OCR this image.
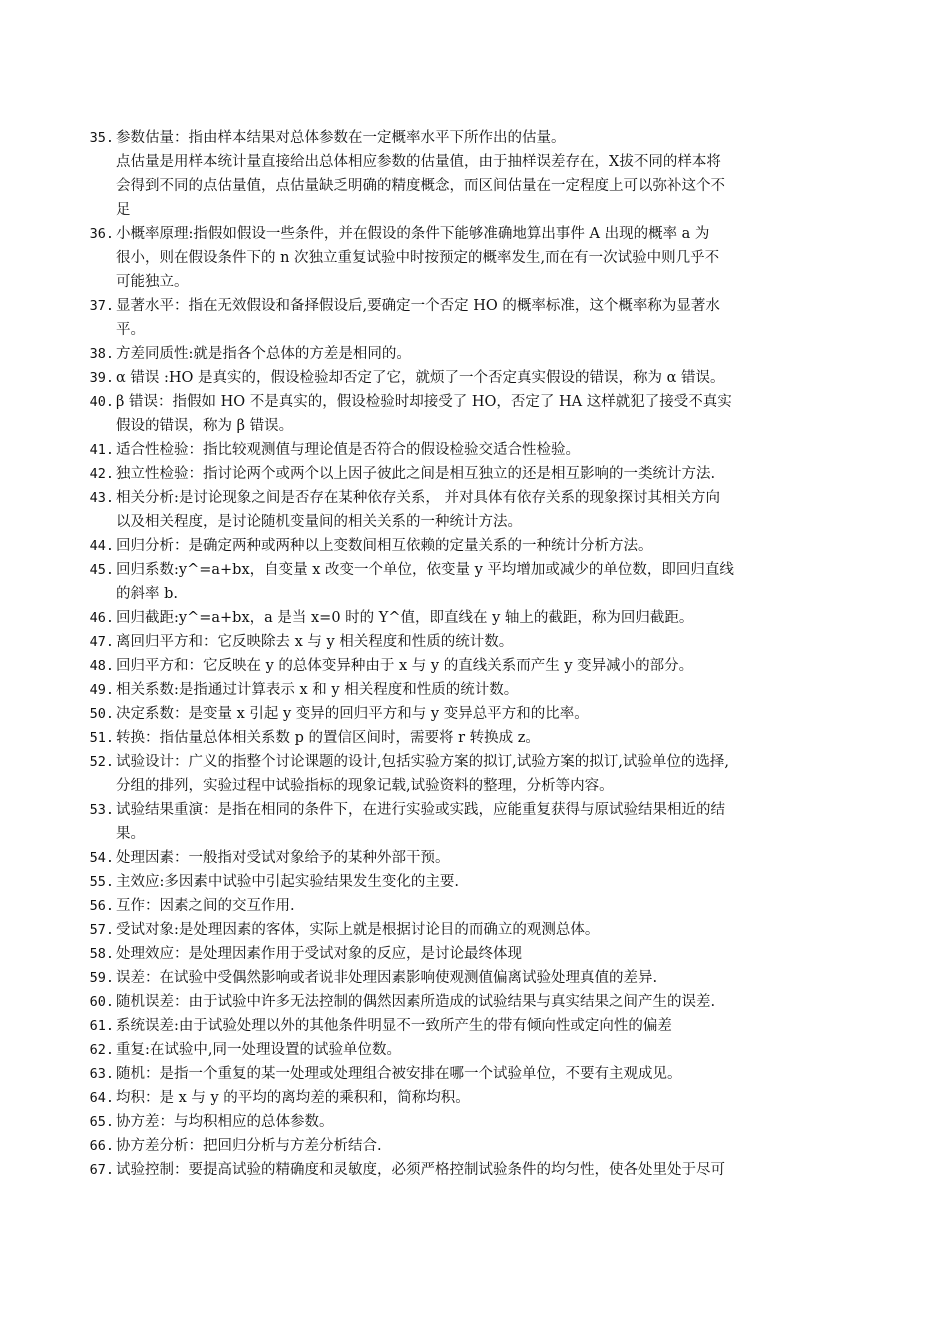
35. 参数估量：指由样本结果对总体参数在一定概率水平下所作出的估量。
点估量是用样本统计量直接给出总体相应参数的估量值，由于抽样误差存在，X拔不同的样本将
会得到不同的点估量值，点估量缺乏明确的精度概念，而区间估量在一定程度上可以弥补这个不
足
36. 小概率原理:指假如假设一些条件，并在假设的条件下能够准确地算出事件 A 出现的概率 a 为
很小，则在假设条件下的 n 次独立重复试验中时按预定的概率发生,而在有一次试验中则几乎不
可能独立。
37. 显著水平：指在无效假设和备择假设后,要确定一个否定 HO 的概率标准，这个概率称为显著水
平。
38. 方差同质性:就是指各个总体的方差是相同的。
39. α 错误 :HO 是真实的，假设检验却否定了它，就烦了一个否定真实假设的错误，称为 α 错误。
40. β 错误：指假如 HO 不是真实的，假设检验时却接受了 HO，否定了 HA 这样就犯了接受不真实
假设的错误，称为 β 错误。
41. 适合性检验：指比较观测值与理论值是否符合的假设检验交适合性检验。
42. 独立性检验：指讨论两个或两个以上因子彼此之间是相互独立的还是相互影响的一类统计方法.
43. 相关分析:是讨论现象之间是否存在某种依存关系， 并对具体有依存关系的现象探讨其相关方向
以及相关程度，是讨论随机变量间的相关关系的一种统计方法。
44. 回归分析：是确定两种或两种以上变数间相互依赖的定量关系的一种统计分析方法。
45. 回归系数:y^=a+bx，自变量 x 改变一个单位，依变量 y 平均增加或减少的单位数，即回归直线
的斜率 b.
46. 回归截距:y^=a+bx，a 是当 x=0 时的 Y^值，即直线在 y 轴上的截距，称为回归截距。
47. 离回归平方和：它反映除去 x 与 y 相关程度和性质的统计数。
48. 回归平方和：它反映在 y 的总体变异种由于 x 与 y 的直线关系而产生 y 变异减小的部分。
49. 相关系数:是指通过计算表示 x 和 y 相关程度和性质的统计数。
50. 决定系数：是变量 x 引起 y 变异的回归平方和与 y 变异总平方和的比率。
51. 转换：指估量总体相关系数 p 的置信区间时，需要将 r 转换成 z。
52. 试验设计：广义的指整个讨论课题的设计,包括实验方案的拟订,试验方案的拟订,试验单位的选择,
分组的排列，实验过程中试验指标的现象记载,试验资料的整理，分析等内容。
53. 试验结果重演：是指在相同的条件下，在进行实验或实践，应能重复获得与原试验结果相近的结
果。
54. 处理因素：一般指对受试对象给予的某种外部干预。
55. 主效应:多因素中试验中引起实验结果发生变化的主要.
56. 互作：因素之间的交互作用.
57. 受试对象:是处理因素的客体，实际上就是根据讨论目的而确立的观测总体。
58. 处理效应：是处理因素作用于受试对象的反应，是讨论最终体现
59. 误差：在试验中受偶然影响或者说非处理因素影响使观测值偏离试验处理真值的差异.
60. 随机误差：由于试验中许多无法控制的偶然因素所造成的试验结果与真实结果之间产生的误差.
61. 系统误差:由于试验处理以外的其他条件明显不一致所产生的带有倾向性或定向性的偏差
62. 重复:在试验中,同一处理设置的试验单位数。
63. 随机：是指一个重复的某一处理或处理组合被安排在哪一个试验单位，不要有主观成见。
64. 均积：是 x 与 y 的平均的离均差的乘积和，简称均积。
65. 协方差：与均积相应的总体参数。
66. 协方差分析：把回归分析与方差分析结合.
67. 试验控制：要提高试验的精确度和灵敏度，必须严格控制试验条件的均匀性，使各处里处于尽可
